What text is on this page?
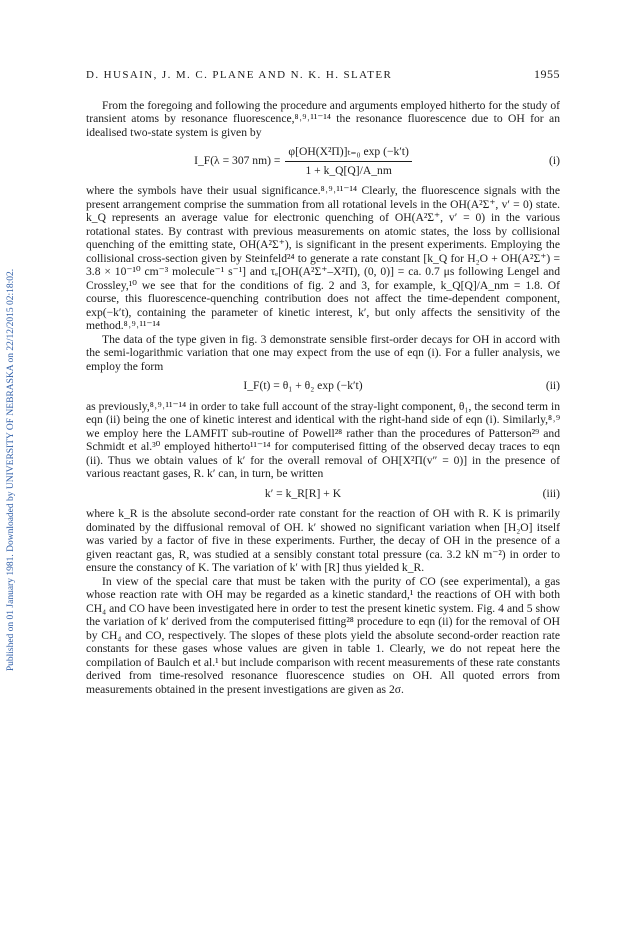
Published on 01 January 1981. Downloaded by UNIVERSITY OF NEBRASKA on 22/12/2015 02:18:02.
D. HUSAIN, J. M. C. PLANE AND N. K. H. SLATER	1955

From the foregoing and following the procedure and arguments employed hitherto for the study of transient atoms by resonance fluorescence,⁸˒⁹˒¹¹⁻¹⁴ the resonance fluorescence due to OH for an idealised two-state system is given by

I_F(λ = 307 $nm) = \frac{\text{φ[OH(X²Π)]ₜ₌₀ exp (−k′t)}}{1 + k\_Q[Q]/A\_nm}$	(i)

where the symbols have their usual significance.⁸˒⁹˒¹¹⁻¹⁴ Clearly, the fluorescence signals with the present arrangement comprise the summation from all rotational levels in the OH(A²Σ⁺, v′ = 0) state. k_Q represents an average value for electronic quenching of OH(A²Σ⁺, v′ = 0) in the various rotational states. By contrast with previous measurements on atomic states, the loss by collisional quenching of the emitting state, OH(A²Σ⁺), is significant in the present experiments. Employing the collisional cross-section given by Steinfeld²⁴ to generate a rate constant [k_Q for H₂O + OH(A²Σ⁺) = 3.8 × 10⁻¹⁰ cm⁻³ molecule⁻¹ s⁻¹] and τₑ[OH(A²Σ⁺–X²Π), (0, 0)] = ca. 0.7 μs following Lengel and Crossley,¹⁰ we see that for the conditions of fig. 2 and 3, for example, k_Q[Q]/A_nm = 1.8. Of course, this fluorescence-quenching contribution does not affect the time-dependent component, exp(−k′t), containing the parameter of kinetic interest, k′, but only affects the sensitivity of the method.⁸˒⁹˒¹¹⁻¹⁴

The data of the type given in fig. 3 demonstrate sensible first-order decays for OH in accord with the semi-logarithmic variation that one may expect from the use of eqn (i). For a fuller analysis, we employ the form

I_F(t) = θ₁ + θ₂ exp (−k′t)	(ii)

as previously,⁸˒⁹˒¹¹⁻¹⁴ in order to take full account of the stray-light component, θ₁, the second term in eqn (ii) being the one of kinetic interest and identical with the right-hand side of eqn (i). Similarly,⁸˒⁹ we employ here the LAMFIT sub-routine of Powell²⁸ rather than the procedures of Patterson²⁹ and Schmidt et al.³⁰ employed hitherto¹¹⁻¹⁴ for computerised fitting of the observed decay traces to eqn (ii). Thus we obtain values of k′ for the overall removal of OH[X²Π(v″ = 0)] in the presence of various reactant gases, R. k′ can, in turn, be written

k′ = k_R[R] + K	(iii)

where k_R is the absolute second-order rate constant for the reaction of OH with R. K is primarily dominated by the diffusional removal of OH. k′ showed no significant variation when [H₂O] itself was varied by a factor of five in these experiments. Further, the decay of OH in the presence of a given reactant gas, R, was studied at a sensibly constant total pressure (ca. 3.2 kN m⁻²) in order to ensure the constancy of K. The variation of k′ with [R] thus yielded k_R.

In view of the special care that must be taken with the purity of CO (see experimental), a gas whose reaction rate with OH may be regarded as a kinetic standard,¹ the reactions of OH with both CH₄ and CO have been investigated here in order to test the present kinetic system. Fig. 4 and 5 show the variation of k′ derived from the computerised fitting²⁸ procedure to eqn (ii) for the removal of OH by CH₄ and CO, respectively. The slopes of these plots yield the absolute second-order reaction rate constants for these gases whose values are given in table 1. Clearly, we do not repeat here the compilation of Baulch et al.¹ but include comparison with recent measurements of these rate constants derived from time-resolved resonance fluorescence studies on OH. All quoted errors from measurements obtained in the present investigations are given as 2σ.
